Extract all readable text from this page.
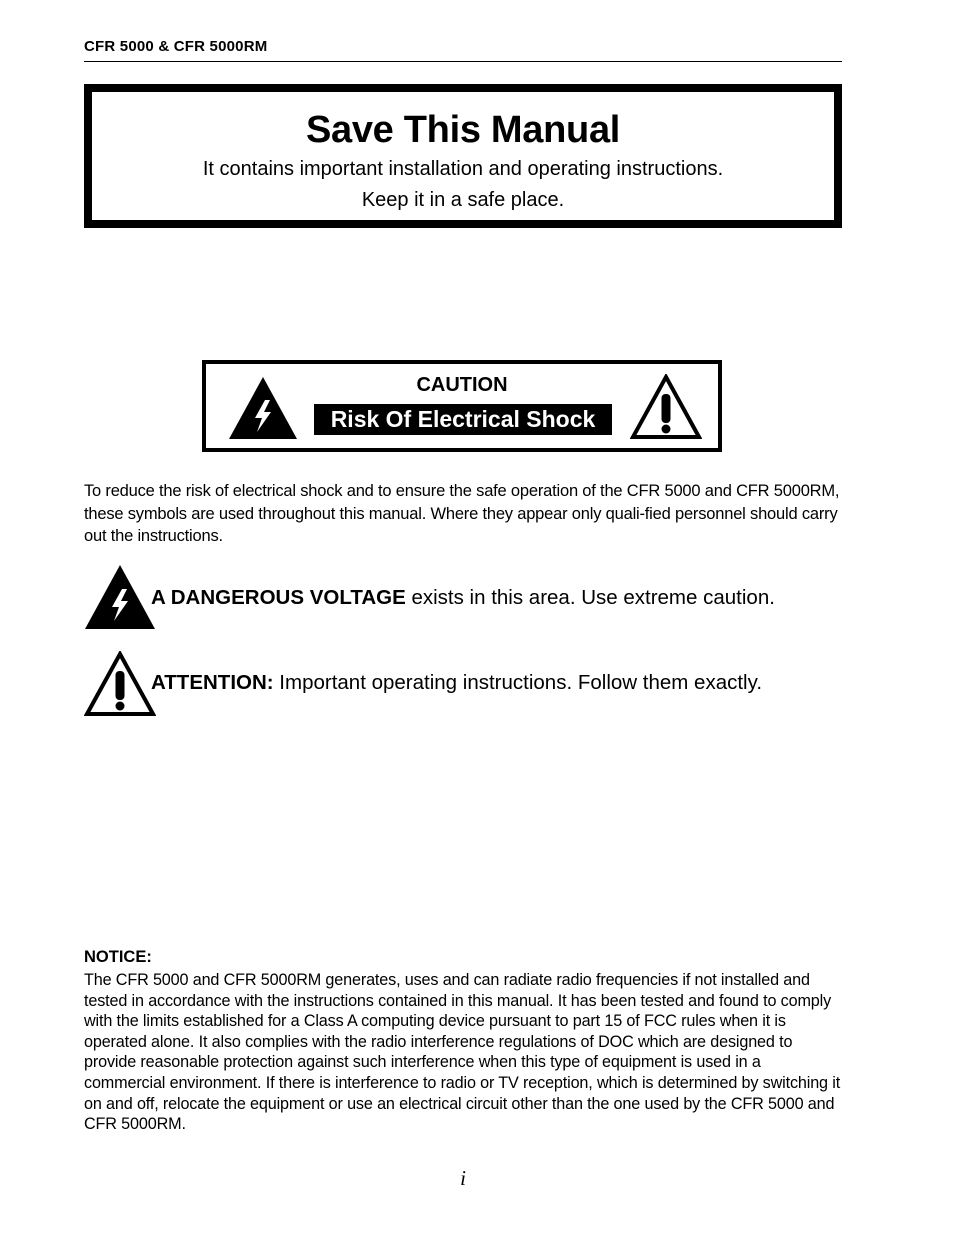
CFR 5000 & CFR 5000RM
Save This Manual
It contains important installation and operating instructions.
Keep it in a safe place.
CAUTION
Risk Of Electrical Shock
To reduce the risk of electrical shock and to ensure the safe operation of the CFR 5000 and CFR 5000RM, these symbols are used throughout this manual. Where they appear only quali-fied personnel should carry out the instructions.
A DANGEROUS VOLTAGE exists in this area. Use extreme caution.
ATTENTION: Important operating instructions. Follow them exactly.
NOTICE:
The CFR 5000 and CFR 5000RM generates, uses and can radiate radio frequencies if not installed and tested in accordance with the instructions contained in this manual. It has been tested and found to comply with the limits established for a Class A computing device pursuant to part 15 of FCC rules when it is operated alone. It also complies with the radio interference regulations of DOC which are designed to provide reasonable protection against such interference when this type of equipment is used in a commercial environment. If there is interference to radio or TV reception, which is determined by switching it on and off, relocate the equipment or use an electrical circuit other than the one used by the CFR 5000 and CFR 5000RM.
i
